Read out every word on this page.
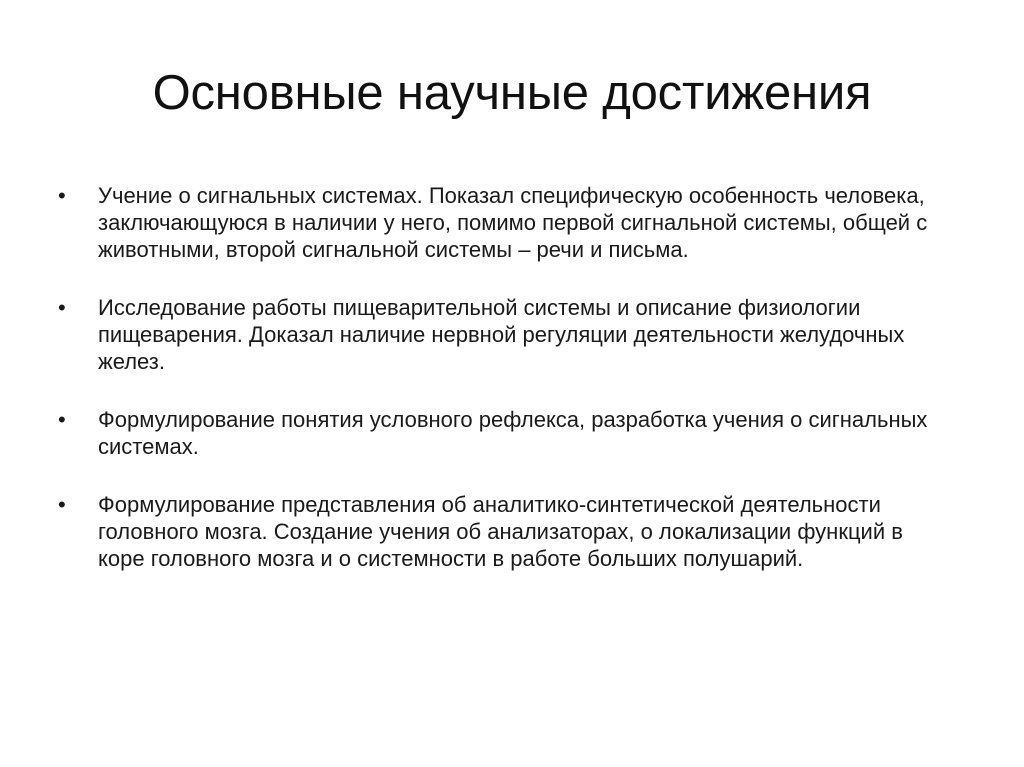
Основные научные достижения
•	Учение о сигнальных системах. Показал специфическую особенность человека, заключающуюся в наличии у него, помимо первой сигнальной системы, общей с животными, второй сигнальной системы – речи и письма.
•	Исследование работы пищеварительной системы и описание физиологии пищеварения. Доказал наличие нервной регуляции деятельности желудочных желез.
•	Формулирование понятия условного рефлекса, разработка учения о сигнальных системах.
•	Формулирование представления об аналитико-синтетической деятельности головного мозга. Создание учения об анализаторах, о локализации функций в коре головного мозга и о системности в работе больших полушарий.
